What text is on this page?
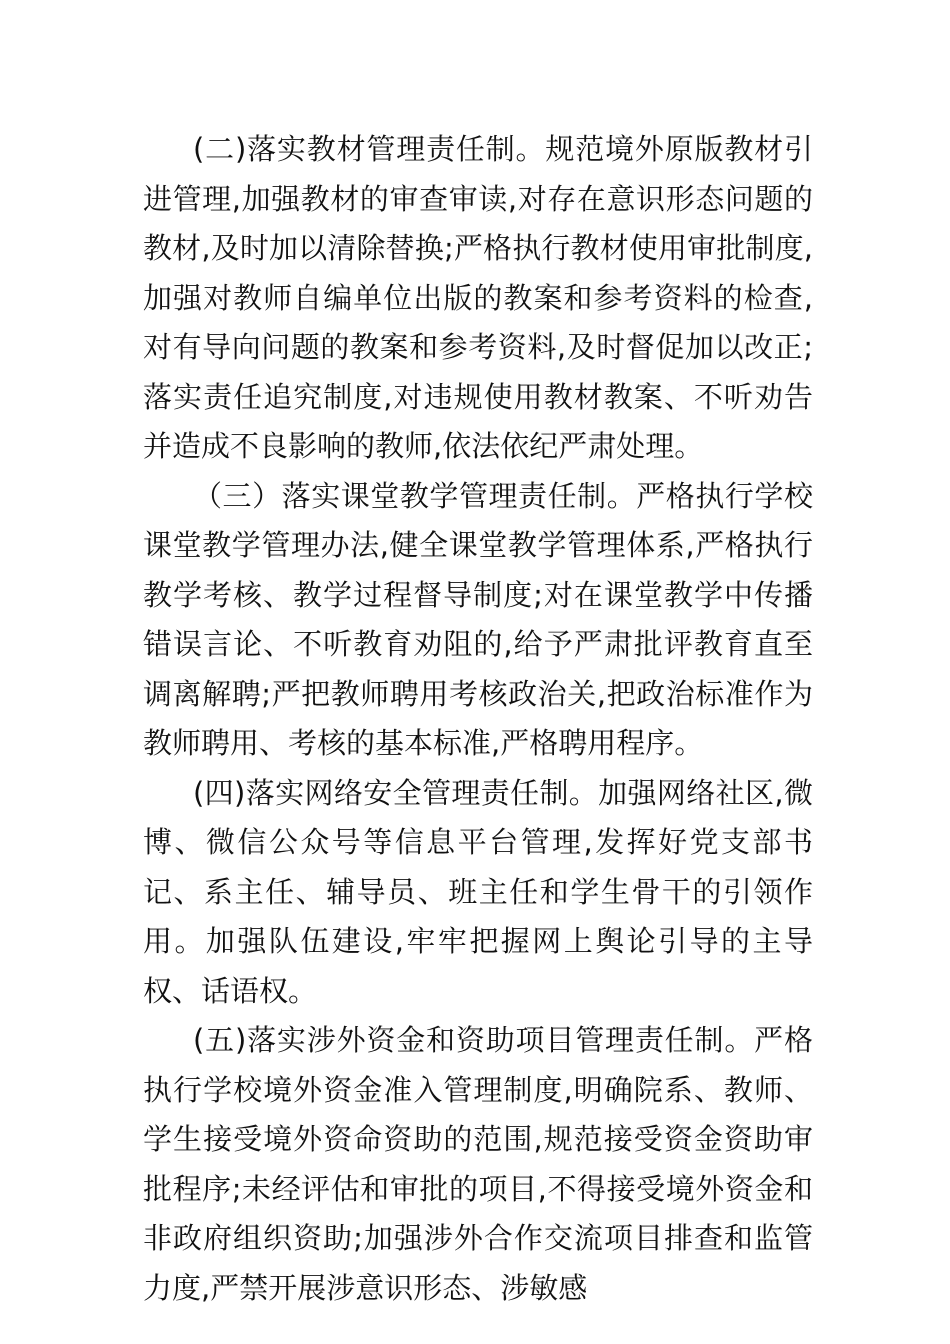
(二)落实教材管理责任制。规范境外原版教材引进管理,加强教材的审查审读,对存在意识形态问题的教材,及时加以清除替换;严格执行教材使用审批制度,加强对教师自编单位出版的教案和参考资料的检查,对有导向问题的教案和参考资料,及时督促加以改正;落实责任追究制度,对违规使用教材教案、不听劝告并造成不良影响的教师,依法依纪严肃处理。

（三）落实课堂教学管理责任制。严格执行学校课堂教学管理办法,健全课堂教学管理体系,严格执行教学考核、教学过程督导制度;对在课堂教学中传播错误言论、不听教育劝阻的,给予严肃批评教育直至调离解聘;严把教师聘用考核政治关,把政治标准作为教师聘用、考核的基本标准,严格聘用程序。

(四)落实网络安全管理责任制。加强网络社区,微博、微信公众号等信息平台管理,发挥好党支部书记、系主任、辅导员、班主任和学生骨干的引领作用。加强队伍建设,牢牢把握网上舆论引导的主导权、话语权。

(五)落实涉外资金和资助项目管理责任制。严格执行学校境外资金准入管理制度,明确院系、教师、学生接受境外资命资助的范围,规范接受资金资助审批程序;未经评估和审批的项目,不得接受境外资金和非政府组织资助;加强涉外合作交流项目排查和监管力度,严禁开展涉意识形态、涉敏感
